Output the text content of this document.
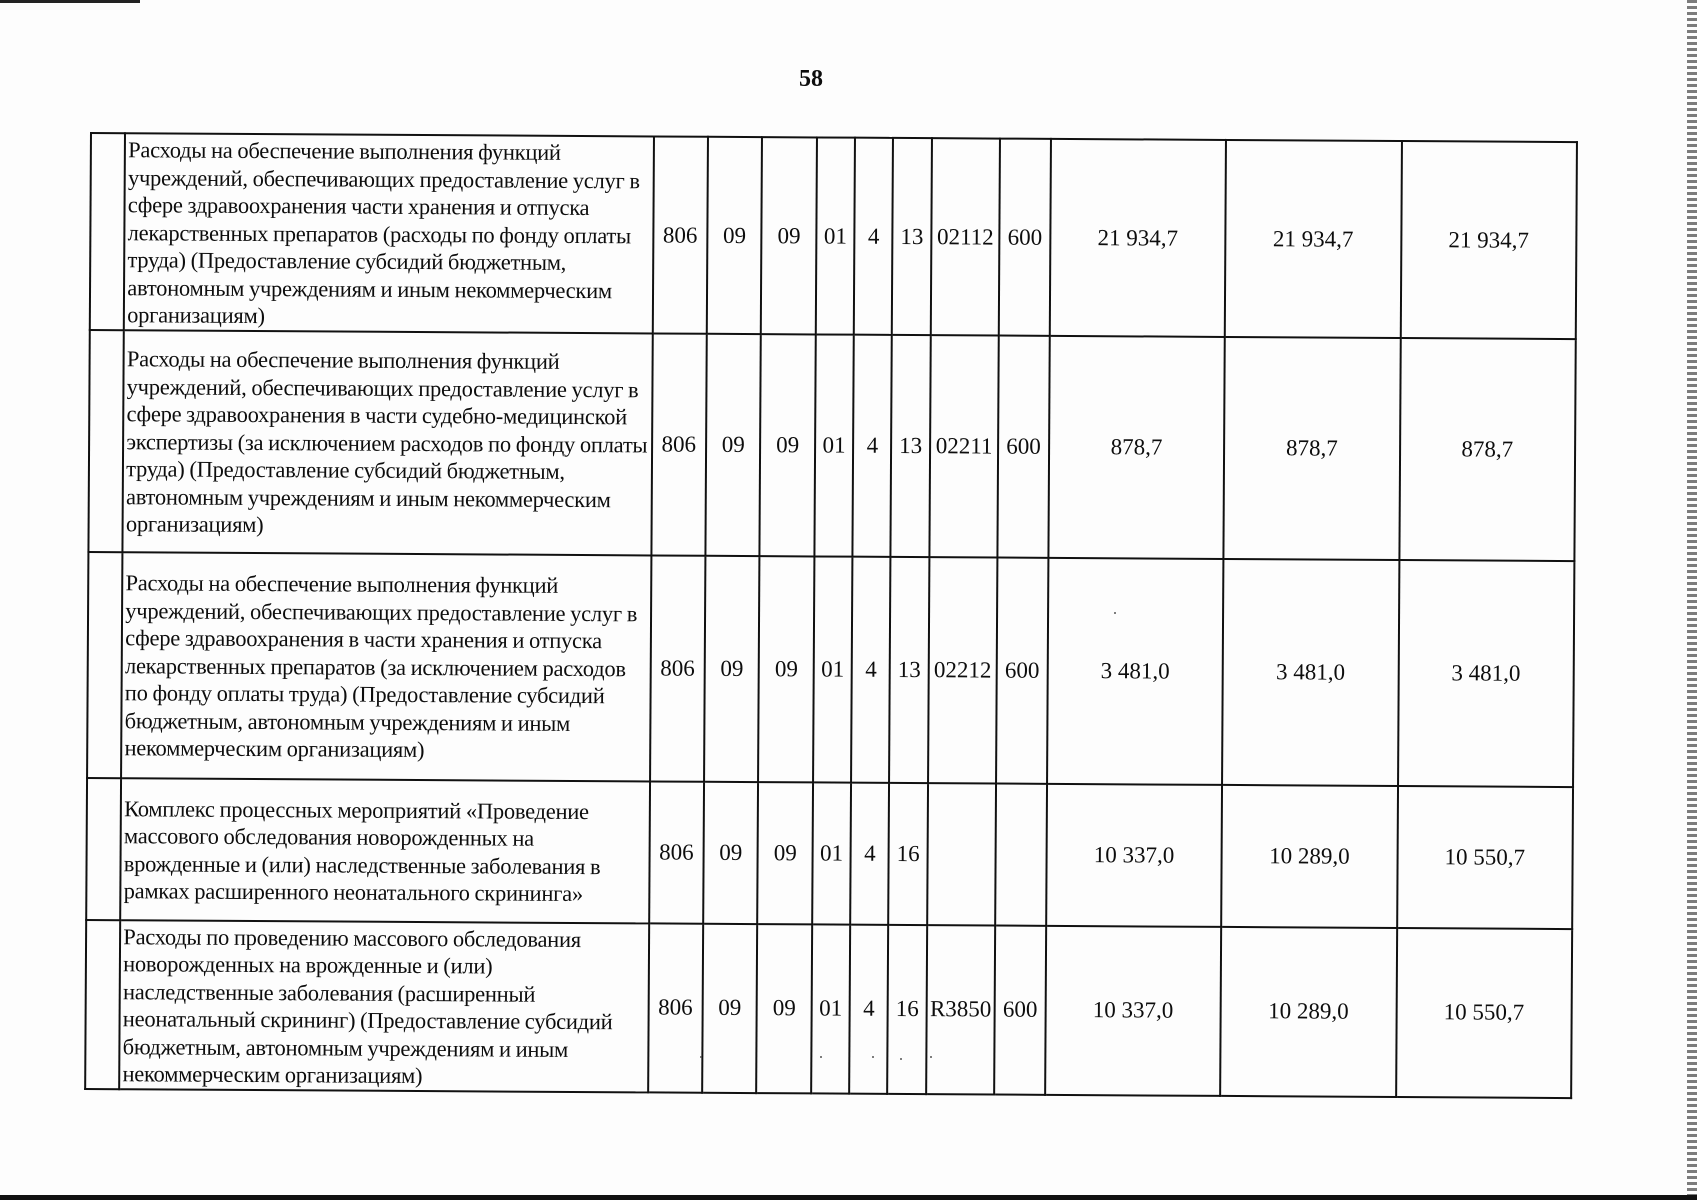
58
	Расходы на обеспечение выполнения функций учреждений, обеспечивающих предоставление услуг в сфере здравоохранения части хранения и отпуска лекарственных препаратов (расходы по фонду оплаты труда) (Предоставление субсидий бюджетным, автономным учреждениям и иным некоммерческим организациям)	806	09	09	01	4	13	02112	600	21 934,7	21 934,7	21 934,7
	Расходы на обеспечение выполнения функций учреждений, обеспечивающих предоставление услуг в сфере здравоохранения в части судебно-медицинской экспертизы (за исключением расходов по фонду оплаты труда) (Предоставление субсидий бюджетным, автономным учреждениям и иным некоммерческим организациям)	806	09	09	01	4	13	02211	600	878,7	878,7	878,7
	Расходы на обеспечение выполнения функций учреждений, обеспечивающих предоставление услуг в сфере здравоохранения в части хранения и отпуска лекарственных препаратов (за исключением расходов по фонду оплаты труда) (Предоставление субсидий бюджетным, автономным учреждениям и иным некоммерческим организациям)	806	09	09	01	4	13	02212	600	3 481,0	3 481,0	3 481,0
	Комплекс процессных мероприятий «Проведение массового обследования новорожденных на врожденные и (или) наследственные заболевания в рамках расширенного неонатального скрининга»	806	09	09	01	4	16			10 337,0	10 289,0	10 550,7
	Расходы по проведению массового обследования новорожденных на врожденные и (или) наследственные заболевания (расширенный неонатальный скрининг) (Предоставление субсидий бюджетным, автономным учреждениям и иным некоммерческим организациям)	806	09	09	01	4	16	R3850	600	10 337,0	10 289,0	10 550,7
